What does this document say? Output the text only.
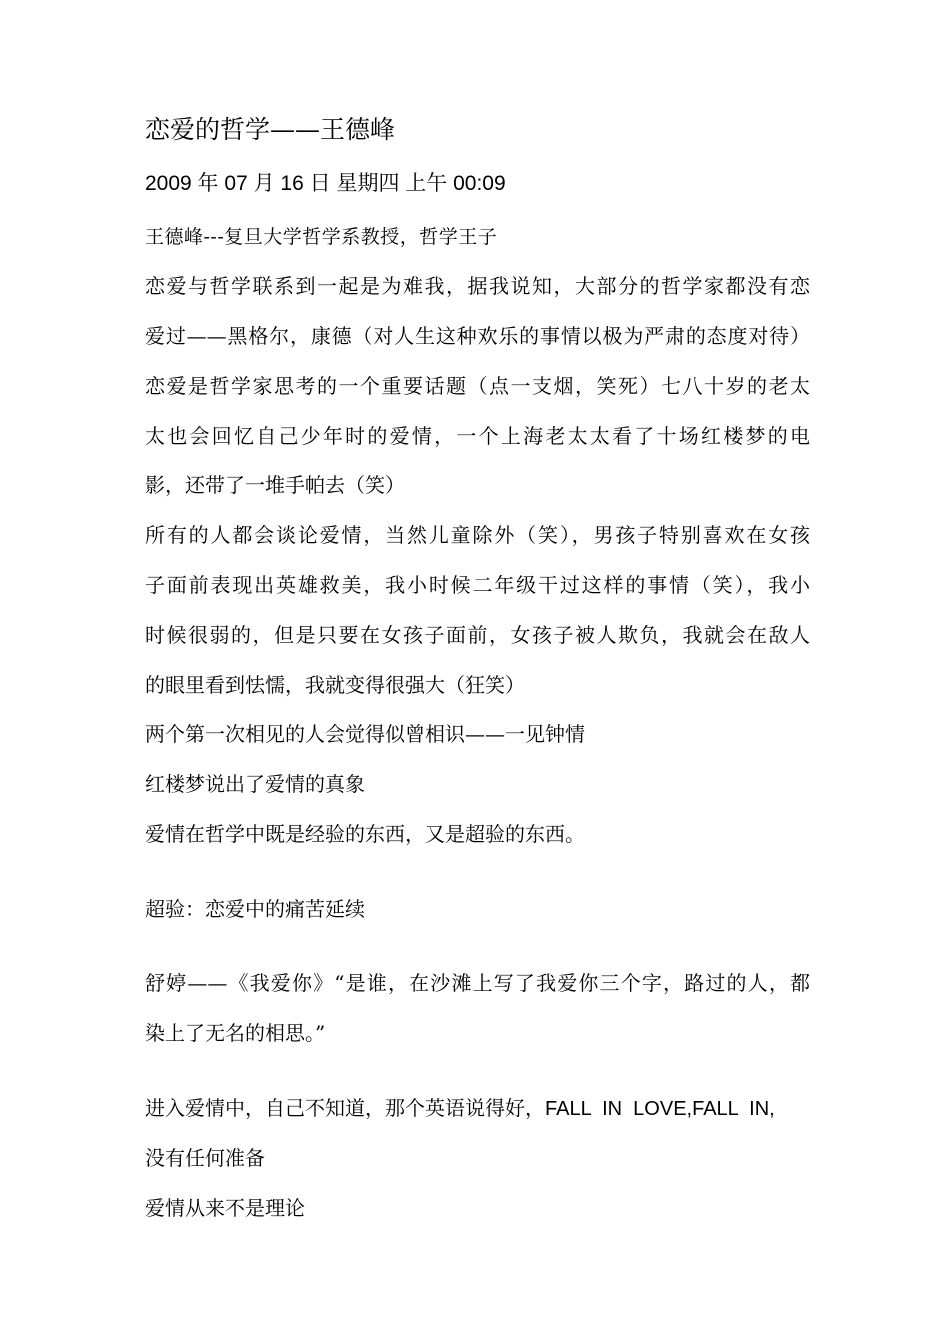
恋爱的哲学——王德峰
2009 年 07 月 16 日 星期四 上午 00:09
王德峰---复旦大学哲学系教授，哲学王子
恋爱与哲学联系到一起是为难我，据我说知，大部分的哲学家都没有恋
爱过——黑格尔，康德（对人生这种欢乐的事情以极为严肃的态度对待）
恋爱是哲学家思考的一个重要话题（点一支烟，笑死）七八十岁的老太
太也会回忆自己少年时的爱情，一个上海老太太看了十场红楼梦的电
影，还带了一堆手帕去（笑）
所有的人都会谈论爱情，当然儿童除外（笑），男孩子特别喜欢在女孩
子面前表现出英雄救美，我小时候二年级干过这样的事情（笑），我小
时候很弱的，但是只要在女孩子面前，女孩子被人欺负，我就会在敌人
的眼里看到怯懦，我就变得很强大（狂笑）
两个第一次相见的人会觉得似曾相识——一见钟情
红楼梦说出了爱情的真象
爱情在哲学中既是经验的东西，又是超验的东西。
超验：恋爱中的痛苦延续
舒婷——《我爱你》“是谁，在沙滩上写了我爱你三个字，路过的人，都
染上了无名的相思。”
进入爱情中，自己不知道，那个英语说得好，FALL  IN  LOVE,FALL  IN,
没有任何准备
爱情从来不是理论
